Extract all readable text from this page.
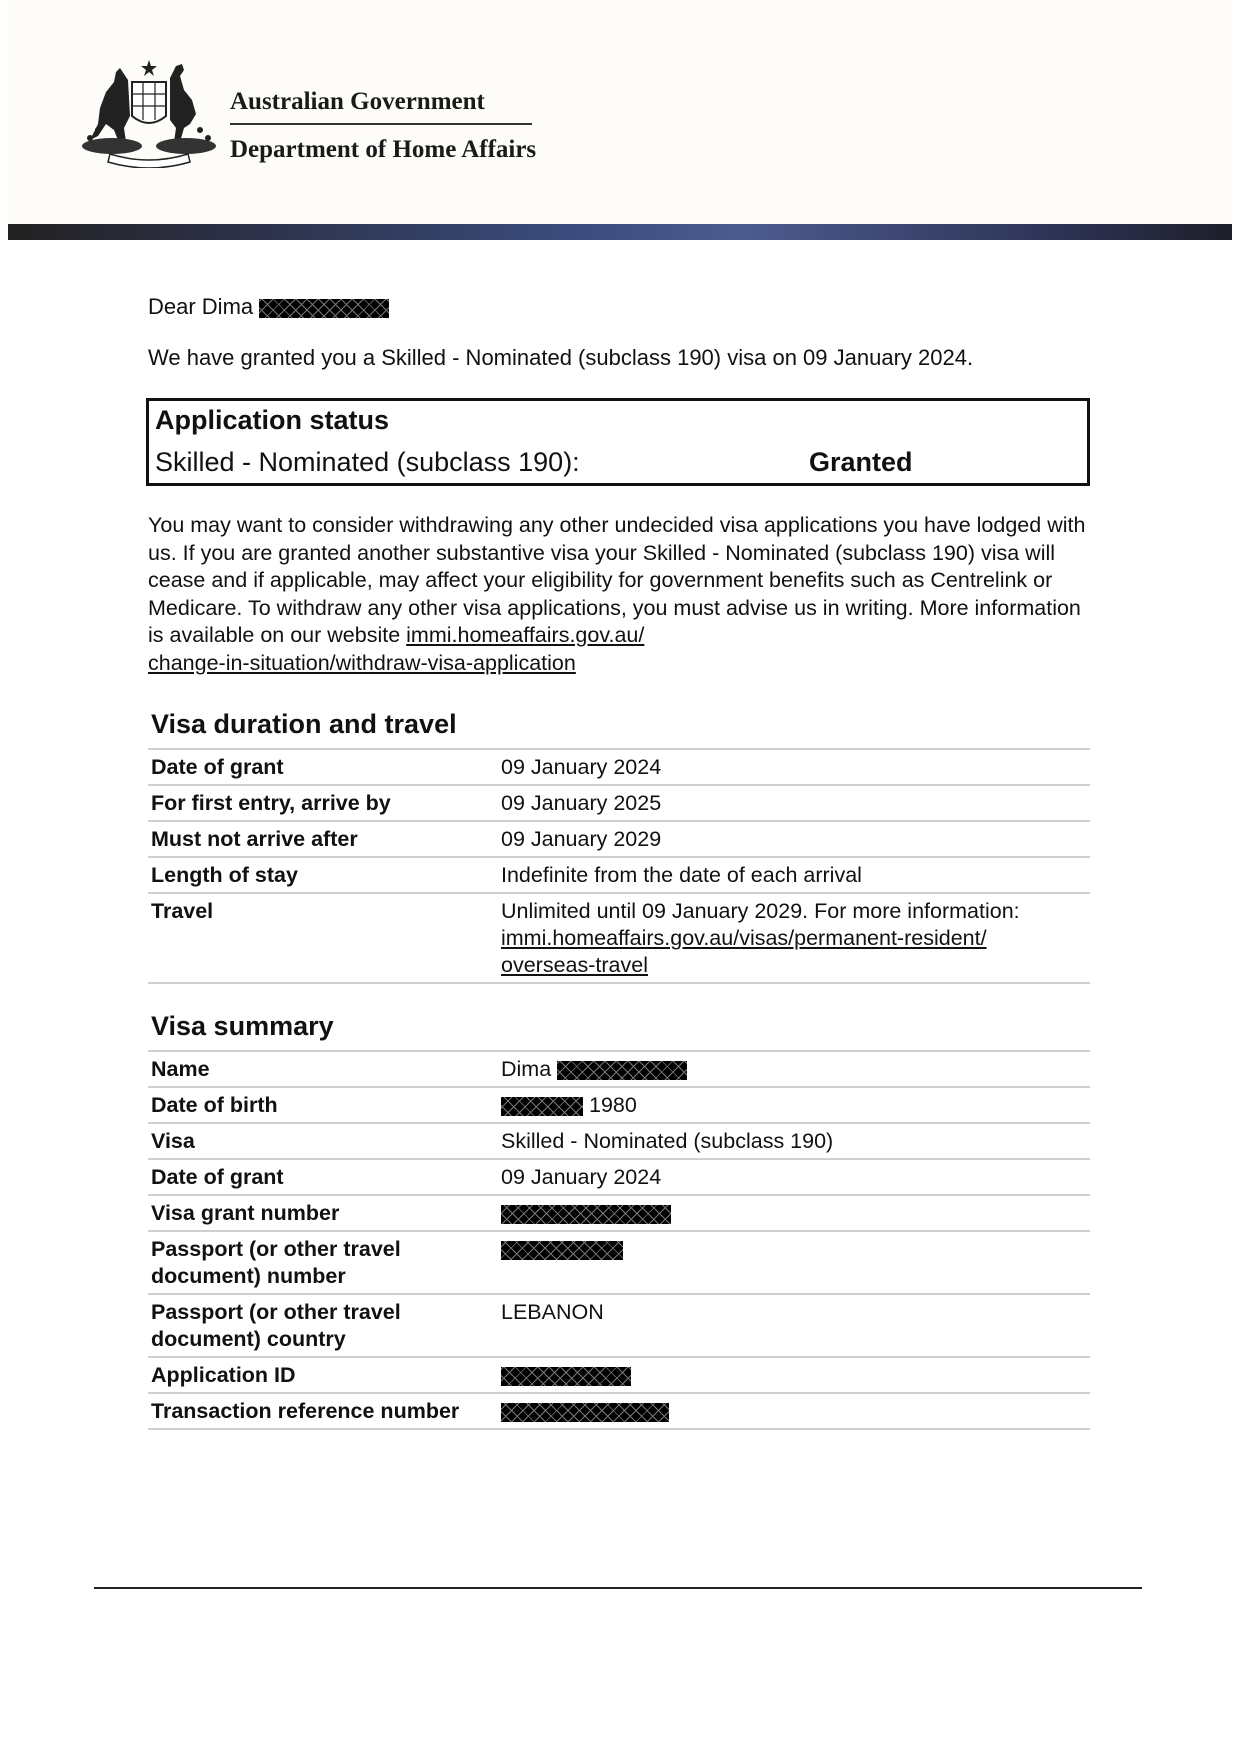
Australian Government
Department of Home Affairs
Dear Dima
We have granted you a Skilled - Nominated (subclass 190) visa on 09 January 2024.
Application status
Skilled - Nominated (subclass 190):	Granted
You may want to consider withdrawing any other undecided visa applications you have lodged with us. If you are granted another substantive visa your Skilled - Nominated (subclass 190) visa will cease and if applicable, may affect your eligibility for government benefits such as Centrelink or Medicare. To withdraw any other visa applications, you must advise us in writing. More information is available on our website immi.homeaffairs.gov.au/
change-in-situation/withdraw-visa-application
Visa duration and travel
Date of grant	09 January 2024
For first entry, arrive by	09 January 2025
Must not arrive after	09 January 2029
Length of stay	Indefinite from the date of each arrival
Travel	Unlimited until 09 January 2029. For more information:
immi.homeaffairs.gov.au/visas/permanent-resident/
overseas-travel
Visa summary
Name	Dima
Date of birth	1980
Visa	Skilled - Nominated (subclass 190)
Date of grant	09 January 2024
Visa grant number	
Passport (or other travel
document) number	
Passport (or other travel
document) country	LEBANON
Application ID	
Transaction reference number	
